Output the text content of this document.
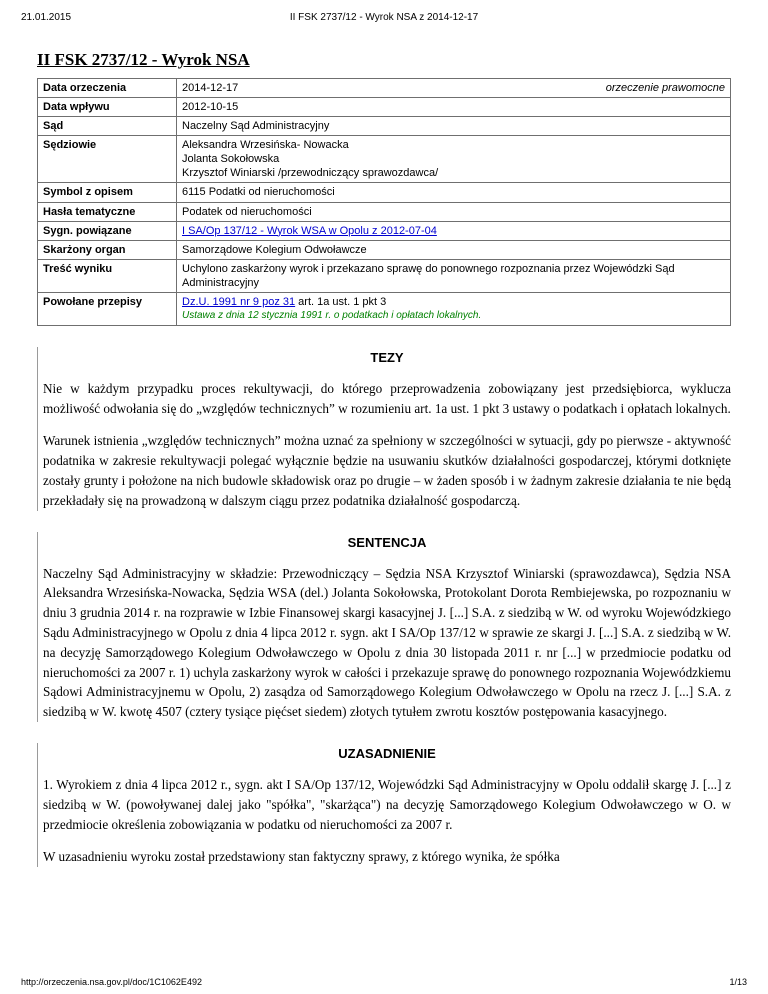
21.01.2015	II FSK 2737/12 - Wyrok NSA z 2014-12-17
II FSK 2737/12 - Wyrok NSA
Data orzeczenia	2014-12-17 orzeczenie prawomocne

Data wpływu	2012-10-15
Sąd	Naczelny Sąd Administracyjny
Sędziowie	Aleksandra Wrzesińska- Nowacka
Jolanta Sokołowska
Krzysztof Winiarski /przewodniczący sprawozdawca/

Symbol z opisem	6115 Podatki od nieruchomości
Hasła tematyczne	Podatek od nieruchomości
Sygn. powiązane	I SA/Op 137/12 - Wyrok WSA w Opolu z 2012-07-04
Skarżony organ	Samorządowe Kolegium Odwoławcze
Treść wyniku	Uchylono zaskarżony wyrok i przekazano sprawę do ponownego rozpoznania przez Wojewódzki Sąd Administracyjny
Powołane przepisy	Dz.U. 1991 nr 9 poz 31 art. 1a ust. 1 pkt 3
Ustawa z dnia 12 stycznia 1991 r. o podatkach i opłatach lokalnych.
TEZY

Nie w każdym przypadku proces rekultywacji, do którego przeprowadzenia zobowiązany jest przedsiębiorca, wyklucza możliwość odwołania się do „względów technicznych” w rozumieniu art. 1a ust. 1 pkt 3 ustawy o podatkach i opłatach lokalnych.

Warunek istnienia „względów technicznych” można uznać za spełniony w szczególności w sytuacji, gdy po pierwsze - aktywność podatnika w zakresie rekultywacji polegać wyłącznie będzie na usuwaniu skutków działalności gospodarczej, którymi dotknięte zostały grunty i położone na nich budowle składowisk oraz po drugie – w żaden sposób i w żadnym zakresie działania te nie będą przekładały się na prowadzoną w dalszym ciągu przez podatnika działalność gospodarczą.

SENTENCJA

Naczelny Sąd Administracyjny w składzie: Przewodniczący – Sędzia NSA Krzysztof Winiarski (sprawozdawca), Sędzia NSA Aleksandra Wrzesińska-Nowacka, Sędzia WSA (del.) Jolanta Sokołowska, Protokolant Dorota Rembiejewska, po rozpoznaniu w dniu 3 grudnia 2014 r. na rozprawie w Izbie Finansowej skargi kasacyjnej J. [...] S.A. z siedzibą w W. od wyroku Wojewódzkiego Sądu Administracyjnego w Opolu z dnia 4 lipca 2012 r. sygn. akt I SA/Op 137/12 w sprawie ze skargi J. [...] S.A. z siedzibą w W. na decyzję Samorządowego Kolegium Odwoławczego w Opolu z dnia 30 listopada 2011 r. nr [...] w przedmiocie podatku od nieruchomości za 2007 r. 1) uchyla zaskarżony wyrok w całości i przekazuje sprawę do ponownego rozpoznania Wojewódzkiemu Sądowi Administracyjnemu w Opolu, 2) zasądza od Samorządowego Kolegium Odwoławczego w Opolu na rzecz J. [...] S.A. z siedzibą w W. kwotę 4507 (cztery tysiące pięćset siedem) złotych tytułem zwrotu kosztów postępowania kasacyjnego.

UZASADNIENIE

1. Wyrokiem z dnia 4 lipca 2012 r., sygn. akt I SA/Op 137/12, Wojewódzki Sąd Administracyjny w Opolu oddalił skargę J. [...] z siedzibą w W. (powoływanej dalej jako "spółka", "skarżąca") na decyzję Samorządowego Kolegium Odwoławczego w O. w przedmiocie określenia zobowiązania w podatku od nieruchomości za 2007 r.

W uzasadnieniu wyroku został przedstawiony stan faktyczny sprawy, z którego wynika, że spółka

http://orzeczenia.nsa.gov.pl/doc/1C1062E492	1/13
